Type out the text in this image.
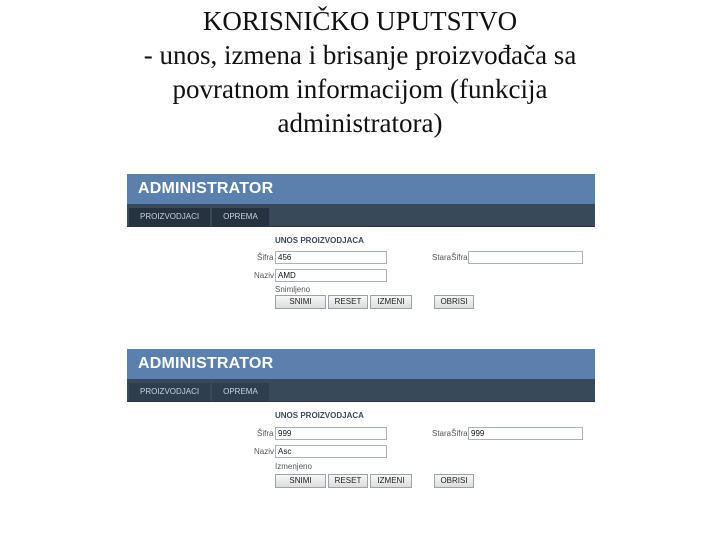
KORISNIČKO UPUTSTVO
- unos, izmena i brisanje proizvođača sa
povratnom informacijom (funkcija
administratora)
ADMINISTRATOR
PROIZVODJACI	OPREMA
UNOS PROIZVODJACA
Šifra 456	StaraŠifra
Naziv AMD
Snimljeno
SNIMI	RESET	IZMENI	OBRISI
ADMINISTRATOR
PROIZVODJACI	OPREMA
UNOS PROIZVODJACA
Šifra 999	StaraŠifra 999
Naziv Asc
Izmenjeno
SNIMI	RESET	IZMENI	OBRISI
